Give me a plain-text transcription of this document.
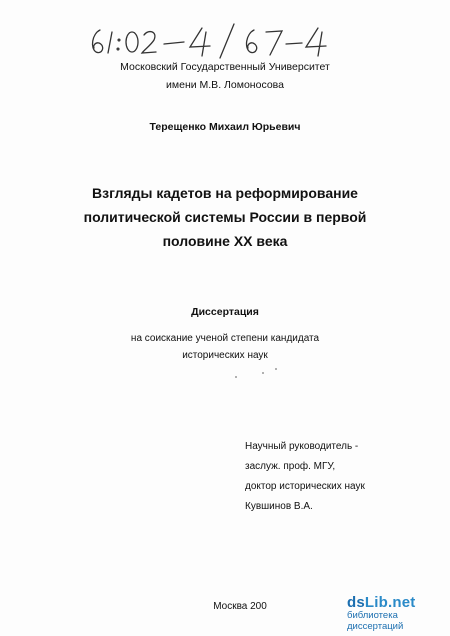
Московский Государственный Университет
имени М.В. Ломоносова
Терещенко Михаил Юрьевич
Взгляды кадетов на реформирование
политической системы России в первой
половине XX века
Диссертация
на соискание ученой степени кандидата
исторических наук
Научный руководитель -
заслуж. проф. МГУ,
доктор исторических наук
Кувшинов В.А.
Москва 200	dsLib.net
библиотека диссертаций
